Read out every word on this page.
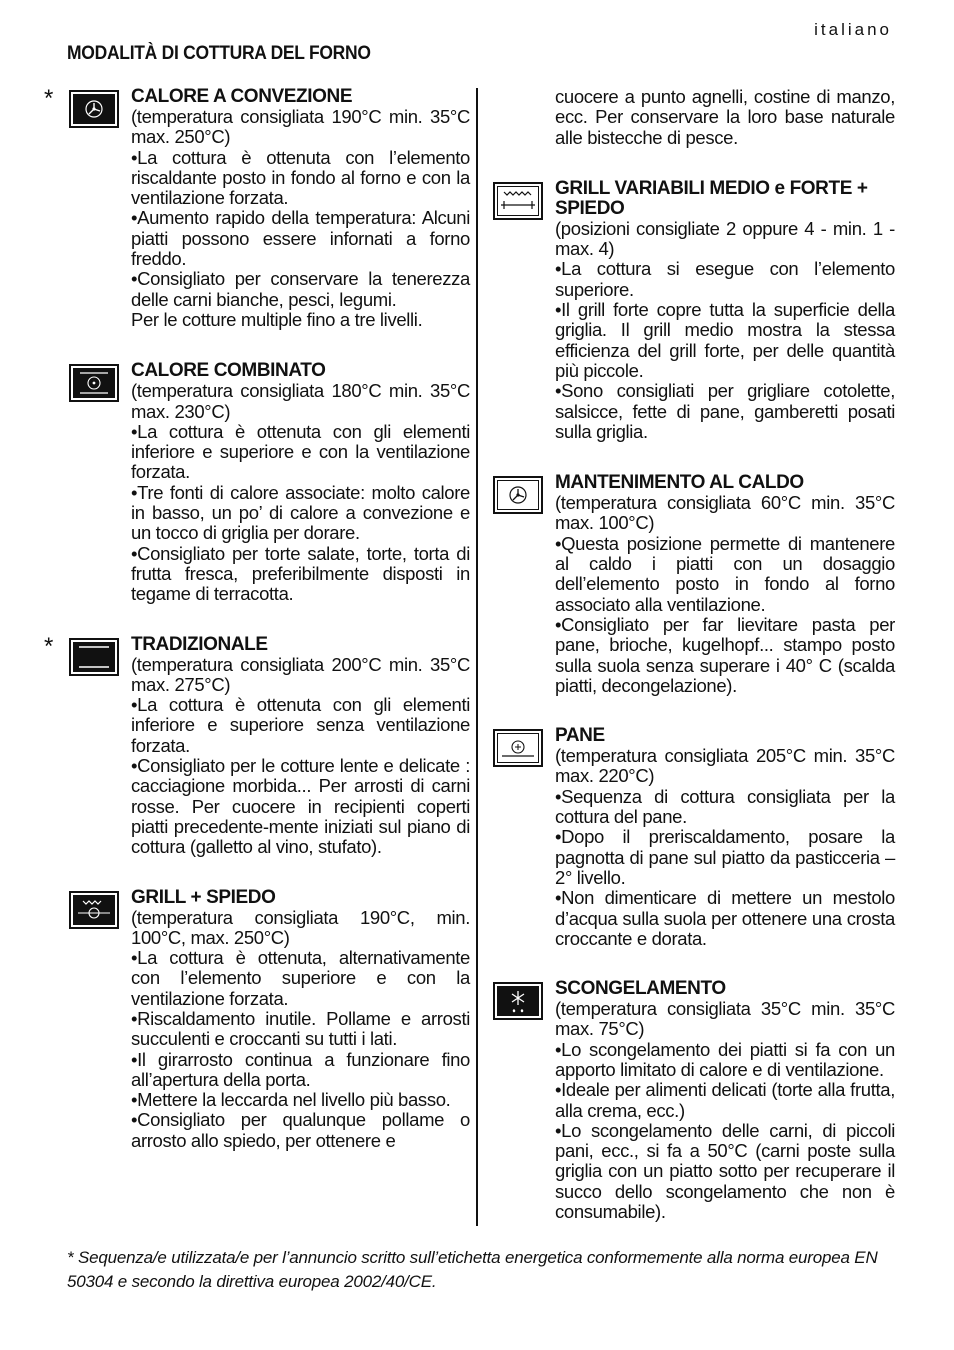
italiano
MODALITÀ DI COTTURA DEL FORNO
*	CALORE A CONVEZIONE

(temperatura consigliata 190°C min. 35°C max. 250°C)

•La cottura è ottenuta con l’elemento riscaldante posto in fondo al forno e con la ventilazione forzata.

•Aumento rapido della temperatura: Alcuni piatti possono essere infornati a forno freddo.

•Consigliato per conservare la tenerezza delle carni bianche, pesci, legumi.

Per le cotture multiple fino a tre livelli.

CALORE COMBINATO

(temperatura consigliata 180°C min. 35°C max. 230°C)

•La cottura è ottenuta con gli elementi inferiore e superiore e con la ventilazione forzata.

•Tre fonti di calore associate: molto calore in basso, un po’ di calore a convezione e un tocco di griglia per dorare.

•Consigliato per torte salate, torte, torta di frutta fresca, preferibilmente disposti in tegame di terracotta.

*	TRADIZIONALE

(temperatura consigliata 200°C min. 35°C max. 275°C)

•La cottura è ottenuta con gli elementi inferiore e superiore senza ventilazione forzata.

•Consigliato per le cotture lente e delicate : cacciagione morbida... Per arrosti di carni rosse. Per cuocere in recipienti coperti piatti precedente-mente iniziati sul piano di cottura (galletto al vino, stufato).

GRILL + SPIEDO

(temperatura consigliata 190°C, min. 100°C, max. 250°C)

•La cottura è ottenuta, alternativamente con l’elemento superiore e con la ventilazione forzata.

•Riscaldamento inutile. Pollame e arrosti succulenti e croccanti su tutti i lati.

•Il girarrosto continua a funzionare fino all’apertura della porta.

•Mettere la leccarda nel livello più basso.

•Consigliato per qualunque pollame o arrosto allo spiedo, per ottenere e

cuocere a punto agnelli, costine di manzo, ecc. Per conservare la loro base naturale alle bistecche di pesce.

GRILL VARIABILI MEDIO e FORTE + SPIEDO

(posizioni consigliate 2 oppure 4 - min. 1 - max. 4)

•La cottura si esegue con l’elemento superiore.

•Il grill forte copre tutta la superficie della griglia. Il grill medio mostra la stessa efficienza del grill forte, per delle quantità più piccole.

•Sono consigliati per grigliare cotolette, salsicce, fette di pane, gamberetti posati sulla griglia.

MANTENIMENTO AL CALDO

(temperatura consigliata 60°C min. 35°C max. 100°C)

•Questa posizione permette di mantenere al caldo i piatti con un dosaggio dell’elemento posto in fondo al forno associato alla ventilazione.

•Consigliato per far lievitare pasta per pane, brioche, kugelhopf... stampo posto sulla suola senza superare i 40° C (scalda piatti, decongelazione).

PANE

(temperatura consigliata 205°C min. 35°C max. 220°C)

•Sequenza di cottura consigliata per la cottura del pane.

•Dopo il preriscaldamento, posare la pagnotta di pane sul piatto da pasticceria – 2° livello.

•Non dimenticare di mettere un mestolo d’acqua sulla suola per ottenere una crosta croccante e dorata.

SCONGELAMENTO

(temperatura consigliata 35°C min. 35°C max. 75°C)

•Lo scongelamento dei piatti si fa con un apporto limitato di calore e di ventilazione.

•Ideale per alimenti delicati (torte alla frutta, alla crema, ecc.)

•Lo scongelamento delle carni, di piccoli pani, ecc., si fa a 50°C (carni poste sulla griglia con un piatto sotto per recuperare il succo dello scongelamento che non è consumabile).

* Sequenza/e utilizzata/e per l’annuncio scritto sull’etichetta energetica conformemente alla norma europea EN 50304 e secondo la direttiva europea 2002/40/CE.
